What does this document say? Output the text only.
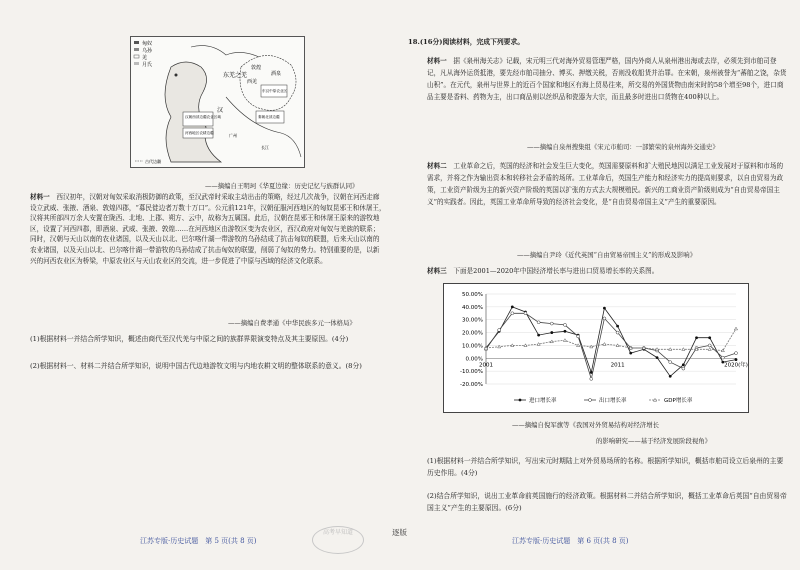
匈奴
乌孙
羌
月氏
汉朝西部边疆农业区域
河西地区农耕边疆
秦朝北部边疆
东汉中原农业区
东羌之羌
汉
敦煌
酒泉
西羌
广州
长江
古代边疆
——摘编自王明珂《华夏边缘：历史记忆与族群认同》

材料一　 西汉初年，汉朝对匈奴采取消极防御的政策，至汉武帝时采取主动出击的策略，经过几次战争，汉朝在河西走廊设立武威、张掖、酒泉、敦煌四郡，“募民徙边者万数十万口”。公元前121年，汉朝征服河西地区的匈奴昆邪王和休屠王，汉将其所部四万余人安置在陇西、北地、上郡、朔方、云中，故称为五属国。此后，汉朝在昆邪王和休屠王原来的游牧地区，设置了河西四郡，即酒泉、武威、张掖、敦煌……在河西地区由游牧区变为农业区，西汉政府对匈奴与羌族的联系；同时，汉朝与天山以南的农业诸国，以及天山以北、巴尔喀什湖一带游牧的乌孙结成了抗击匈奴的联盟，后来天山以南的农业诸国，以及天山以北、巴尔喀什湖一带游牧的乌孙结成了抗击匈奴的联盟，削弱了匈奴的势力。特别重要的是，以新兴的河西农业区为桥梁，中原农业区与天山农业区的交流，进一步促进了中原与西域的经济文化联系。

——摘编自费孝通《中华民族多元一体格局》
(1)根据材料一并结合所学知识，概述由商代至汉代羌与中原之间的族群界限演变特点及其主要原因。(4分)
(2)根据材料一、材料二并结合所学知识，说明中国古代边地游牧文明与内地农耕文明的整体联系的意义。(8分)
江苏专版·历史试题　第 5 页(共 8 页)
18.(16分)阅读材料，完成下列要求。

材料一　 据《泉州海关志》记载，宋元明三代对海外贸易管理严格，国内外商人从泉州港出海或去岸，必须先到市舶司登记，凡从海外运货抵港，要先经市舶司抽分、博买、押缴关税，否则没收船货并治罪。在宋朝，泉州被誉为“蕃舶之饶，杂货山积”。在元代，泉州与世界上的近百个国家和地区有海上贸易往来，所交易的外国货物由南宋时的58个增至98个，进口商品主要是香料、药物为主，出口商品则以丝织品和瓷器为大宗，而且最多时进出口货物在400种以上。

——摘编自泉州搜集组《宋元市舶司：一部繁荣的泉州海外交通史》

材料二　 工业革命之后，英国的经济和社会发生巨大变化，英国需要原料和扩大殖民地因以满足工业发展对于原料和市场的需求，并将之作为输出资本和转移社会矛盾的场所。工业革命后，英国生产能力和经济实力的提高则要求，以自由贸易为政策，工业资产阶级为主的新兴资产阶级的英国以扩张的方式去大规模殖民。新兴的工商业资产阶级则成为“自由贸易帝国主义”的实践者。因此，英国工业革命所导致的经济社会变化，是“自由贸易帝国主义”产生的重要原因。

——摘编自尹玲《近代英国“自由贸易帝国主义”的形成及影响》

材料三　 下面是2001—2020年中国经济增长率与进出口贸易增长率的关系图。

50.00%
40.00%
30.00%
20.00%
10.00%
0.00%
-10.00%
-20.00%
2001	2011	2020(年)
进口增长率	出口增长率	GDP增长率
——摘编自倪军旗等《我国对外贸易结构对经济增长
的影响研究——基于经济发展阶段视角》
(1)根据材料一并结合所学知识，写出宋元时期陆上对外贸易场所的名称。根据所学知识，概括市舶司设立后泉州的主要历史作用。(4分)
(2)结合所学知识，说出工业革命前英国施行的经济政策。根据材料二并结合所学知识，概括工业革命后英国“自由贸易帝国主义”产生的主要原因。(6分)
江苏专版·历史试题　第 6 页(共 8 页)
高考早知道	逐版
